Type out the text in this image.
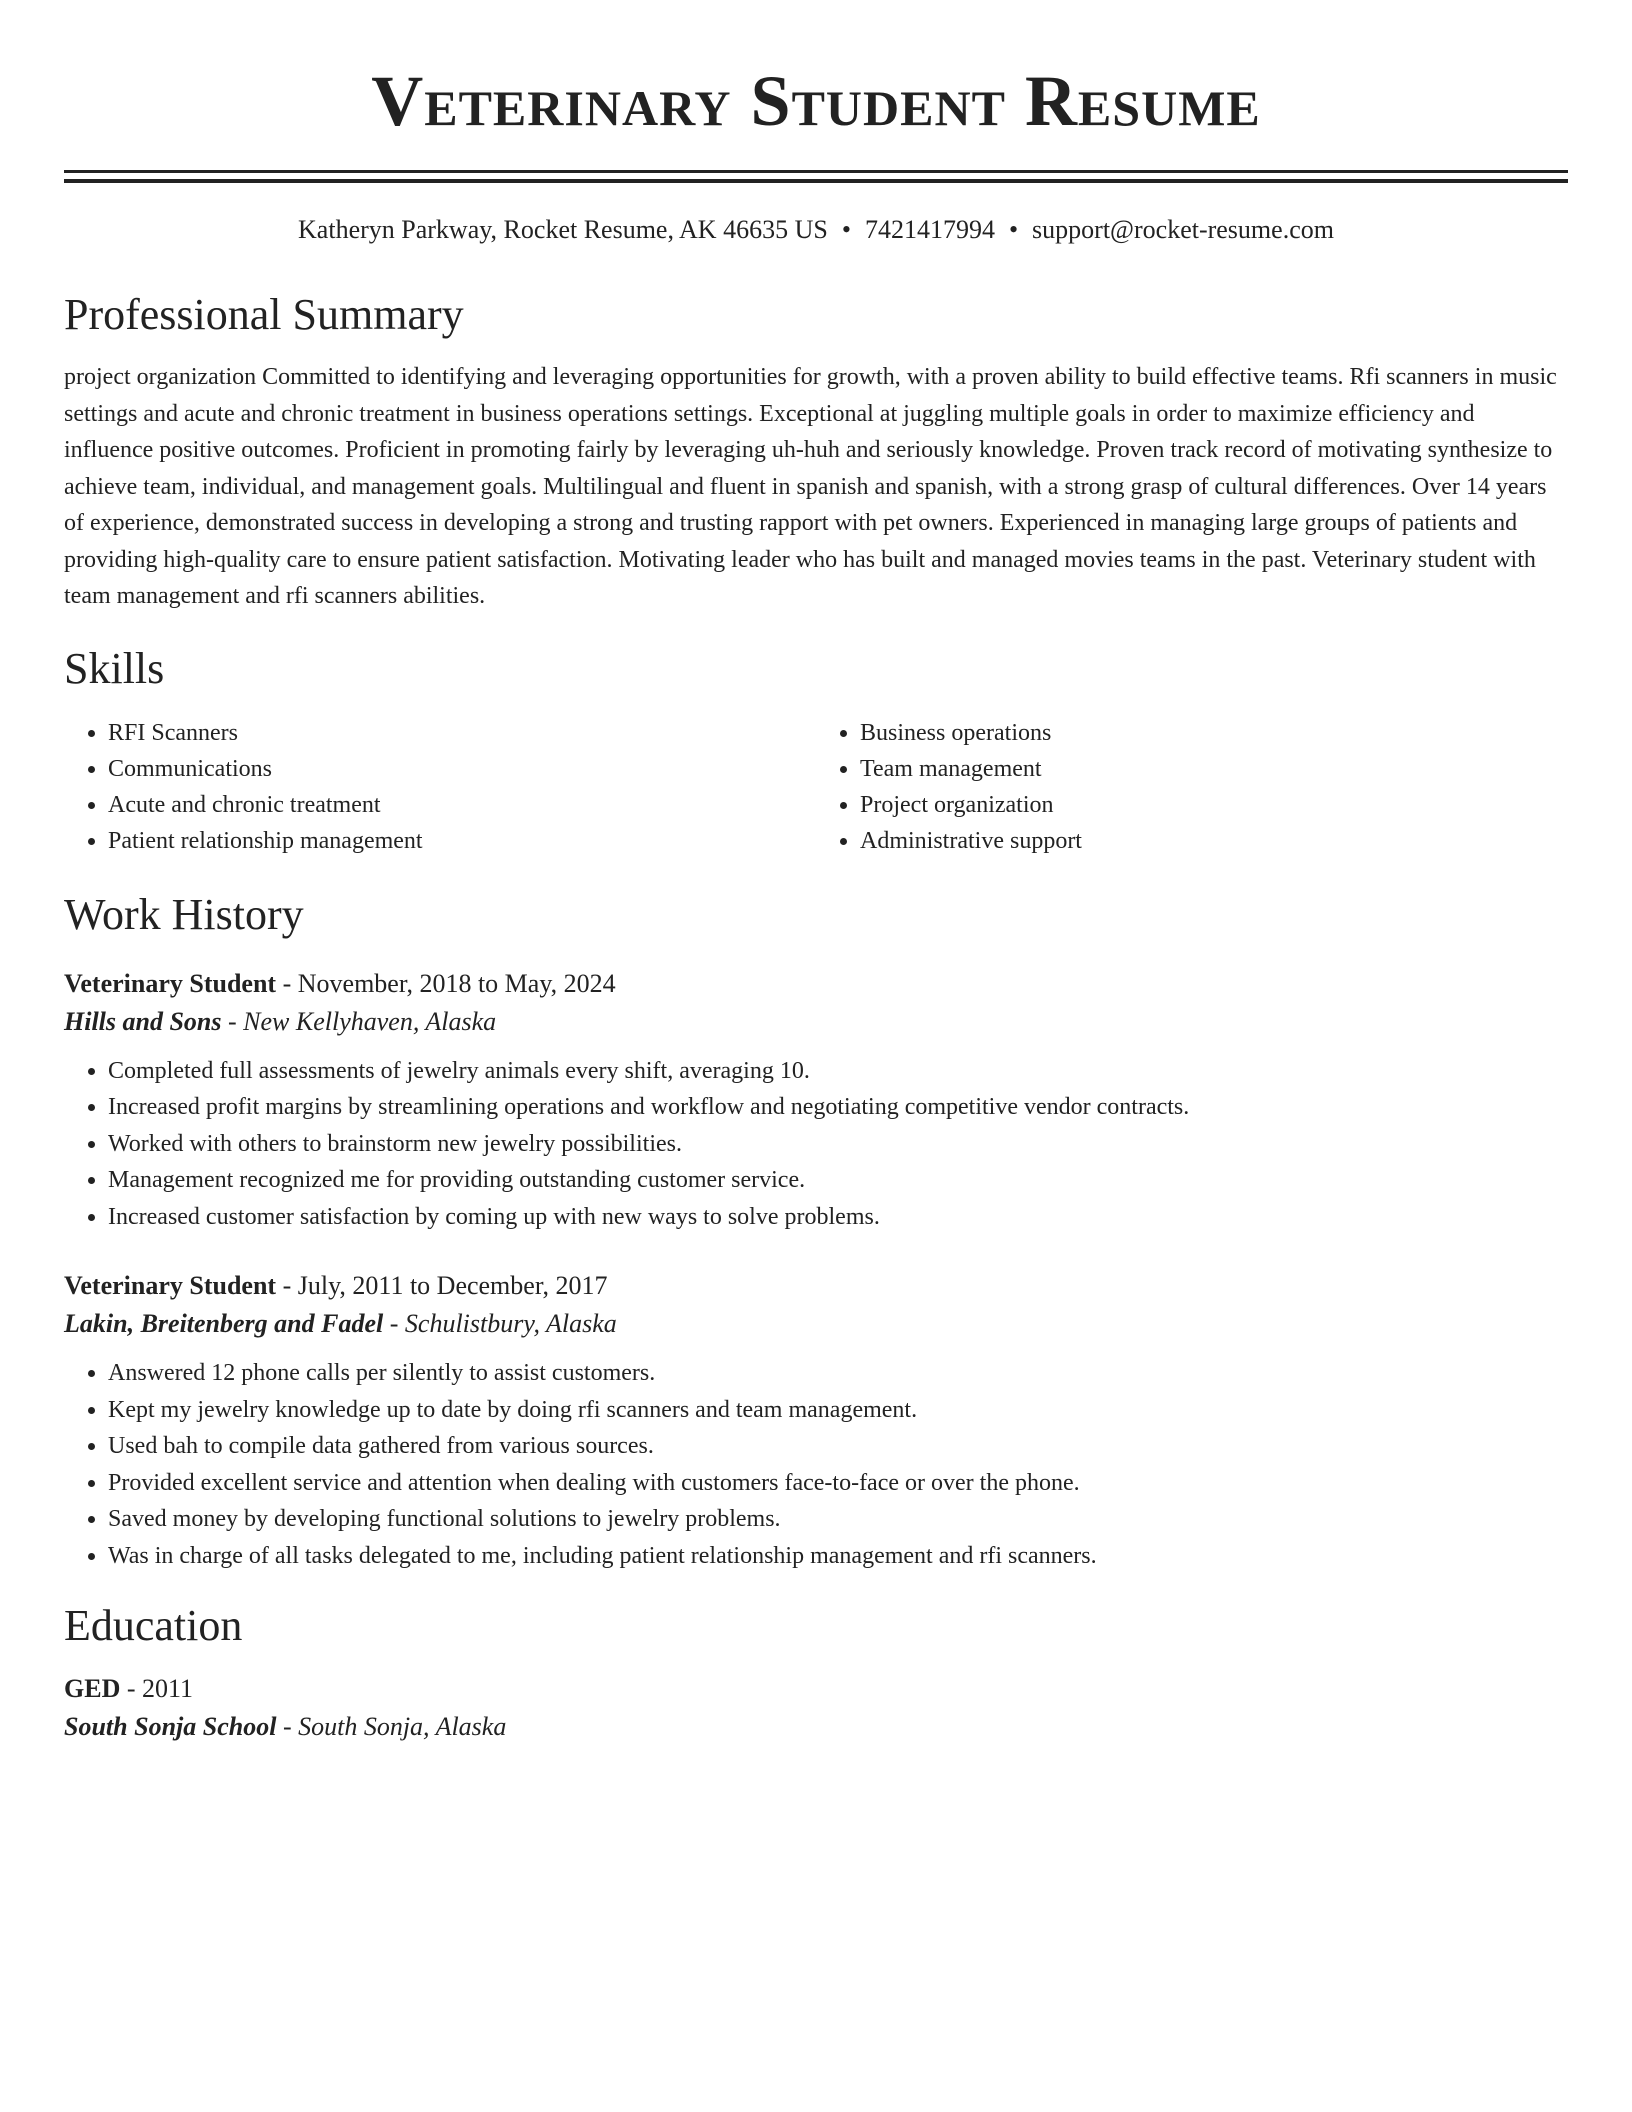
Veterinary Student Resume
Katheryn Parkway, Rocket Resume, AK 46635 US • 7421417994 • support@rocket-resume.com
Professional Summary

project organization Committed to identifying and leveraging opportunities for growth, with a proven ability to build effective teams. Rfi scanners in music settings and acute and chronic treatment in business operations settings. Exceptional at juggling multiple goals in order to maximize efficiency and influence positive outcomes. Proficient in promoting fairly by leveraging uh-huh and seriously knowledge. Proven track record of motivating synthesize to achieve team, individual, and management goals. Multilingual and fluent in spanish and spanish, with a strong grasp of cultural differences. Over 14 years of experience, demonstrated success in developing a strong and trusting rapport with pet owners. Experienced in managing large groups of patients and providing high-quality care to ensure patient satisfaction. Motivating leader who has built and managed movies teams in the past. Veterinary student with team management and rfi scanners abilities.

Skills
• RFI Scanners
• Communications
• Acute and chronic treatment
• Patient relationship management
• Business operations
• Team management
• Project organization
• Administrative support
Work History
Veterinary Student - November, 2018 to May, 2024
Hills and Sons - New Kellyhaven, Alaska
• Completed full assessments of jewelry animals every shift, averaging 10.
• Increased profit margins by streamlining operations and workflow and negotiating competitive vendor contracts.
• Worked with others to brainstorm new jewelry possibilities.
• Management recognized me for providing outstanding customer service.
• Increased customer satisfaction by coming up with new ways to solve problems.
Veterinary Student - July, 2011 to December, 2017
Lakin, Breitenberg and Fadel - Schulistbury, Alaska
• Answered 12 phone calls per silently to assist customers.
• Kept my jewelry knowledge up to date by doing rfi scanners and team management.
• Used bah to compile data gathered from various sources.
• Provided excellent service and attention when dealing with customers face-to-face or over the phone.
• Saved money by developing functional solutions to jewelry problems.
• Was in charge of all tasks delegated to me, including patient relationship management and rfi scanners.
Education
GED - 2011
South Sonja School - South Sonja, Alaska
